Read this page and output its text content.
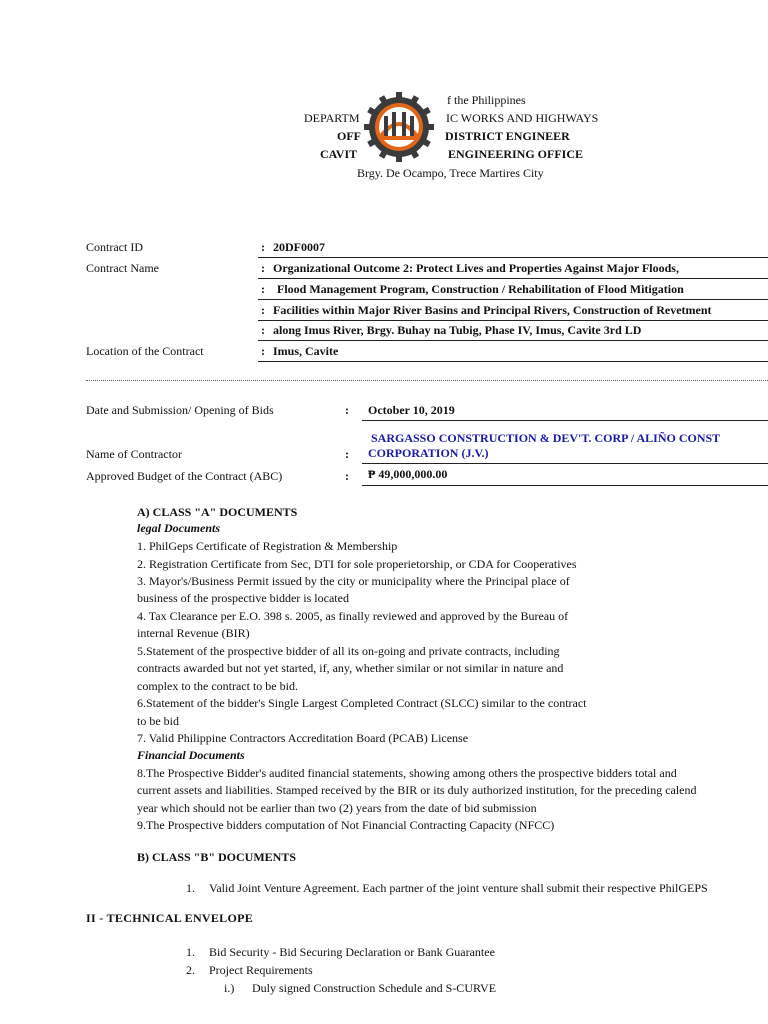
f the Philippines
DEPARTM	IC WORKS AND HIGHWAYS
OFF	DISTRICT ENGINEER
CAVIT	ENGINEERING OFFICE
Brgy. De Ocampo, Trece Martires City
Contract ID	: 20DF0007
Contract Name	: Organizational Outcome 2: Protect Lives and Properties Against Major Floods,
: Flood Management Program, Construction / Rehabilitation of Flood Mitigation
: Facilities within Major River Basins and Principal Rivers, Construction of Revetment
: along Imus River, Brgy. Buhay na Tubig, Phase IV, Imus, Cavite 3rd LD
Location of the Contract	: Imus, Cavite
Date and Submission/ Opening of Bids	: October 10, 2019
SARGASSO CONSTRUCTION & DEV'T. CORP / ALIÑO CONST
Name of Contractor	: CORPORATION (J.V.)
Approved Budget of the Contract (ABC)	: ₱ 49,000,000.00
A) CLASS "A" DOCUMENTS
legal Documents
1. PhilGeps Certificate of Registration & Membership
2. Registration Certificate from Sec, DTI for sole properietorship, or CDA for Cooperatives
3. Mayor's/Business Permit issued by the city or municipality where the Principal place of
business of the prospective bidder is located
4. Tax Clearance per E.O. 398 s. 2005, as finally reviewed and approved by the Bureau of
internal Revenue (BIR)
5.Statement of the prospective bidder of all its on-going and private contracts, including
contracts awarded but not yet started, if, any, whether similar or not similar in nature and
complex to the contract to be bid.
6.Statement of the bidder's Single Largest Completed Contract (SLCC) similar to the contract
to be bid
7. Valid Philippine Contractors Accreditation Board (PCAB) License
Financial Documents
8.The Prospective Bidder's audited financial statements, showing among others the prospective bidders total and
current assets and liabilities. Stamped received by the BIR or its duly authorized institution, for the preceding calend
year which should not be earlier than two (2) years from the date of bid submission
9.The Prospective bidders computation of Not Financial Contracting Capacity (NFCC)
B) CLASS "B" DOCUMENTS
1. Valid Joint Venture Agreement. Each partner of the joint venture shall submit their respective PhilGEPS
II - TECHNICAL ENVELOPE
1. Bid Security - Bid Securing Declaration or Bank Guarantee
2. Project Requirements
i.) Duly signed Construction Schedule and S-CURVE
